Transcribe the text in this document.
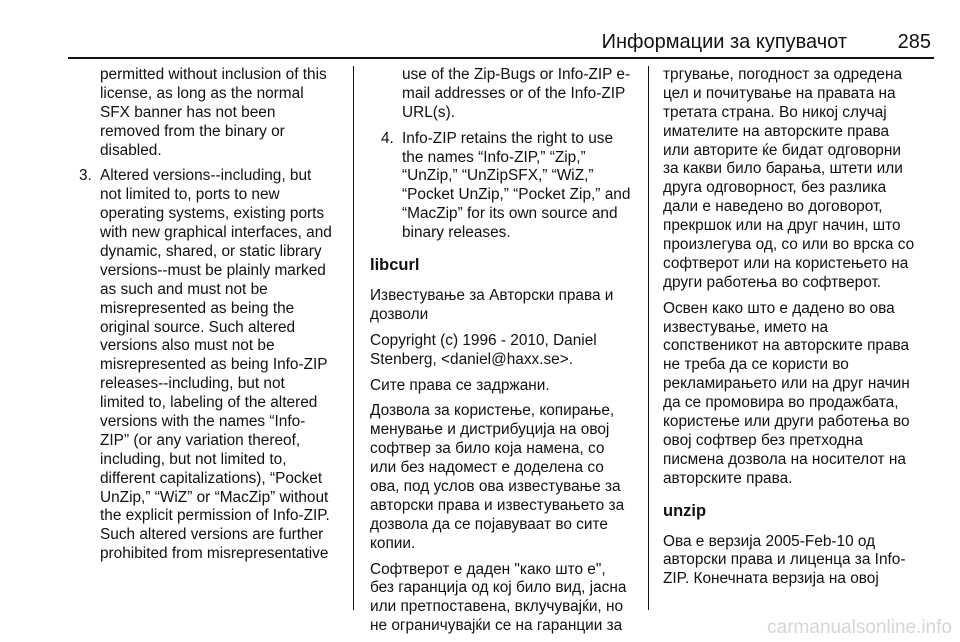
Информации за купувачот	285
permitted without inclusion of this
license, as long as the normal
SFX banner has not been
removed from the binary or
disabled.
3. Altered versions--including, but
not limited to, ports to new
operating systems, existing ports
with new graphical interfaces, and
dynamic, shared, or static library
versions--must be plainly marked
as such and must not be
misrepresented as being the
original source. Such altered
versions also must not be
misrepresented as being Info-ZIP
releases--including, but not
limited to, labeling of the altered
versions with the names “Info-
ZIP” (or any variation thereof,
including, but not limited to,
different capitalizations), “Pocket
UnZip,” “WiZ” or “MacZip” without
the explicit permission of Info-ZIP.
Such altered versions are further
prohibited from misrepresentative
use of the Zip-Bugs or Info-ZIP e-
mail addresses or of the Info-ZIP
URL(s).
4. Info-ZIP retains the right to use
the names “Info-ZIP,” “Zip,”
“UnZip,” “UnZipSFX,” “WiZ,”
“Pocket UnZip,” “Pocket Zip,” and
“MacZip” for its own source and
binary releases.
libcurl
Известување за Авторски права и
дозволи
Copyright (c) 1996 - 2010, Daniel
Stenberg, <daniel@haxx.se>.
Сите права се задржани.
Дозвола за користење, копирање,
менување и дистрибуција на овој
софтвер за било која намена, со
или без надомест е доделена со
ова, под услов ова известување за
авторски права и известувањето за
дозвола да се појавуваат во сите
копии.
Софтверот е даден "како што е",
без гаранција од кој било вид, јасна
или претпоставена, вклучувајќи, но
не ограничувајќи се на гаранции за
тргување, погодност за одредена
цел и почитување на правата на
третата страна. Во никој случај
имателите на авторските права
или авторите ќе бидат одговорни
за какви било барања, штети или
друга одговорност, без разлика
дали е наведено во договорот,
прекршок или на друг начин, што
произлегува од, со или во врска со
софтверот или на користењето на
други работења во софтверот.
Освен како што е дадено во ова
известување, името на
сопственикот на авторските права
не треба да се користи во
рекламирањето или на друг начин
да се промовира во продажбата,
користење или други работења во
овој софтвер без претходна
писмена дозвола на носителот на
авторските права.
unzip
Ова е верзија 2005-Feb-10 од
авторски права и лиценца за Info-
ZIP. Конечната верзија на овој
carmanualsonline.info
